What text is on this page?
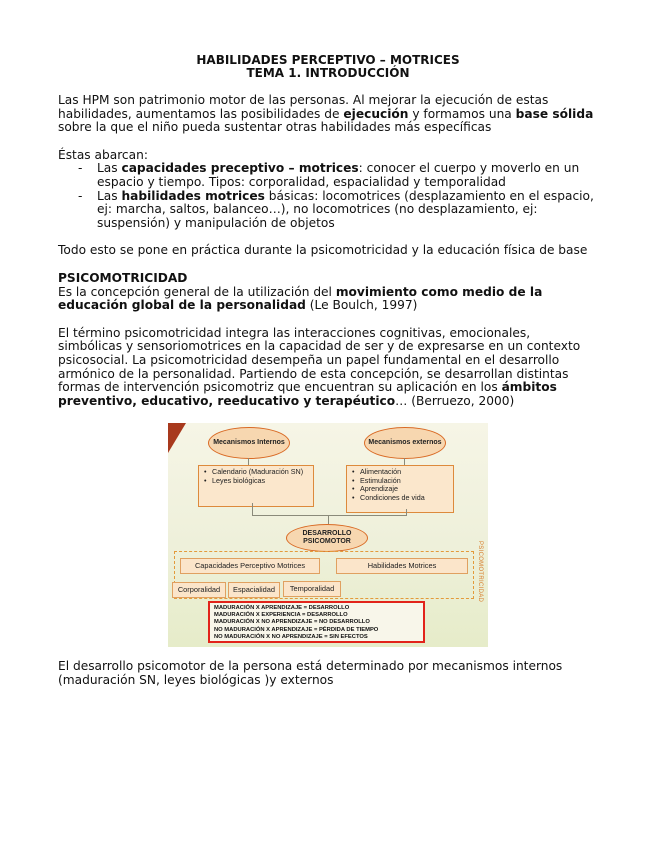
HABILIDADES PERCEPTIVO – MOTRICES
TEMA 1. INTRODUCCIÓN

Las HPM son patrimonio motor de las personas. Al mejorar la ejecución de estas habilidades, aumentamos las posibilidades de ejecución y formamos una base sólida sobre la que el niño pueda sustentar otras habilidades más específicas

Éstas abarcan:

- Las capacidades preceptivo – motrices: conocer el cuerpo y moverlo en un espacio y tiempo. Tipos: corporalidad, espacialidad y temporalidad
- Las habilidades motrices básicas: locomotrices (desplazamiento en el espacio, ej: marcha, saltos, balanceo…), no locomotrices (no desplazamiento, ej: suspensión) y manipulación de objetos

Todo esto se pone en práctica durante la psicomotricidad y la educación física de base

PSICOMOTRICIDAD

Es la concepción general de la utilización del movimiento como medio de la educación global de la personalidad (Le Boulch, 1997)

El término psicomotricidad integra las interacciones cognitivas, emocionales, simbólicas y sensoriomotrices en la capacidad de ser y de expresarse en un contexto psicosocial. La psicomotricidad desempeña un papel fundamental en el desarrollo armónico de la personalidad. Partiendo de esta concepción, se desarrollan distintas formas de intervención psicomotriz que encuentran su aplicación en los ámbitos preventivo, educativo, reeducativo y terapéutico… (Berruezo, 2000)

Mecanismos Internos	Mecanismos externos
• Calendario (Maduración SN)
• Leyes biológicas
• Alimentación
• Estimulación
• Aprendizaje
• Condiciones de vida
DESARROLLO PSICOMOTOR	PSICOMOTRICIDAD
Capacidades Perceptivo Motrices	Habilidades Motrices
Corporalidad	Espacialidad	Temporalidad
MADURACIÓN X APRENDIZAJE = DESARROLLO
MADURACIÓN X EXPERIENCIA = DESARROLLO
MADURACIÓN X NO APRENDIZAJE = NO DESARROLLO
NO MADURACIÓN X APRENDIZAJE = PÉRDIDA DE TIEMPO
NO MADURACIÓN X NO APRENDIZAJE = SIN EFECTOS

El desarrollo psicomotor de la persona está determinado por mecanismos internos (maduración SN, leyes biológicas )y externos
